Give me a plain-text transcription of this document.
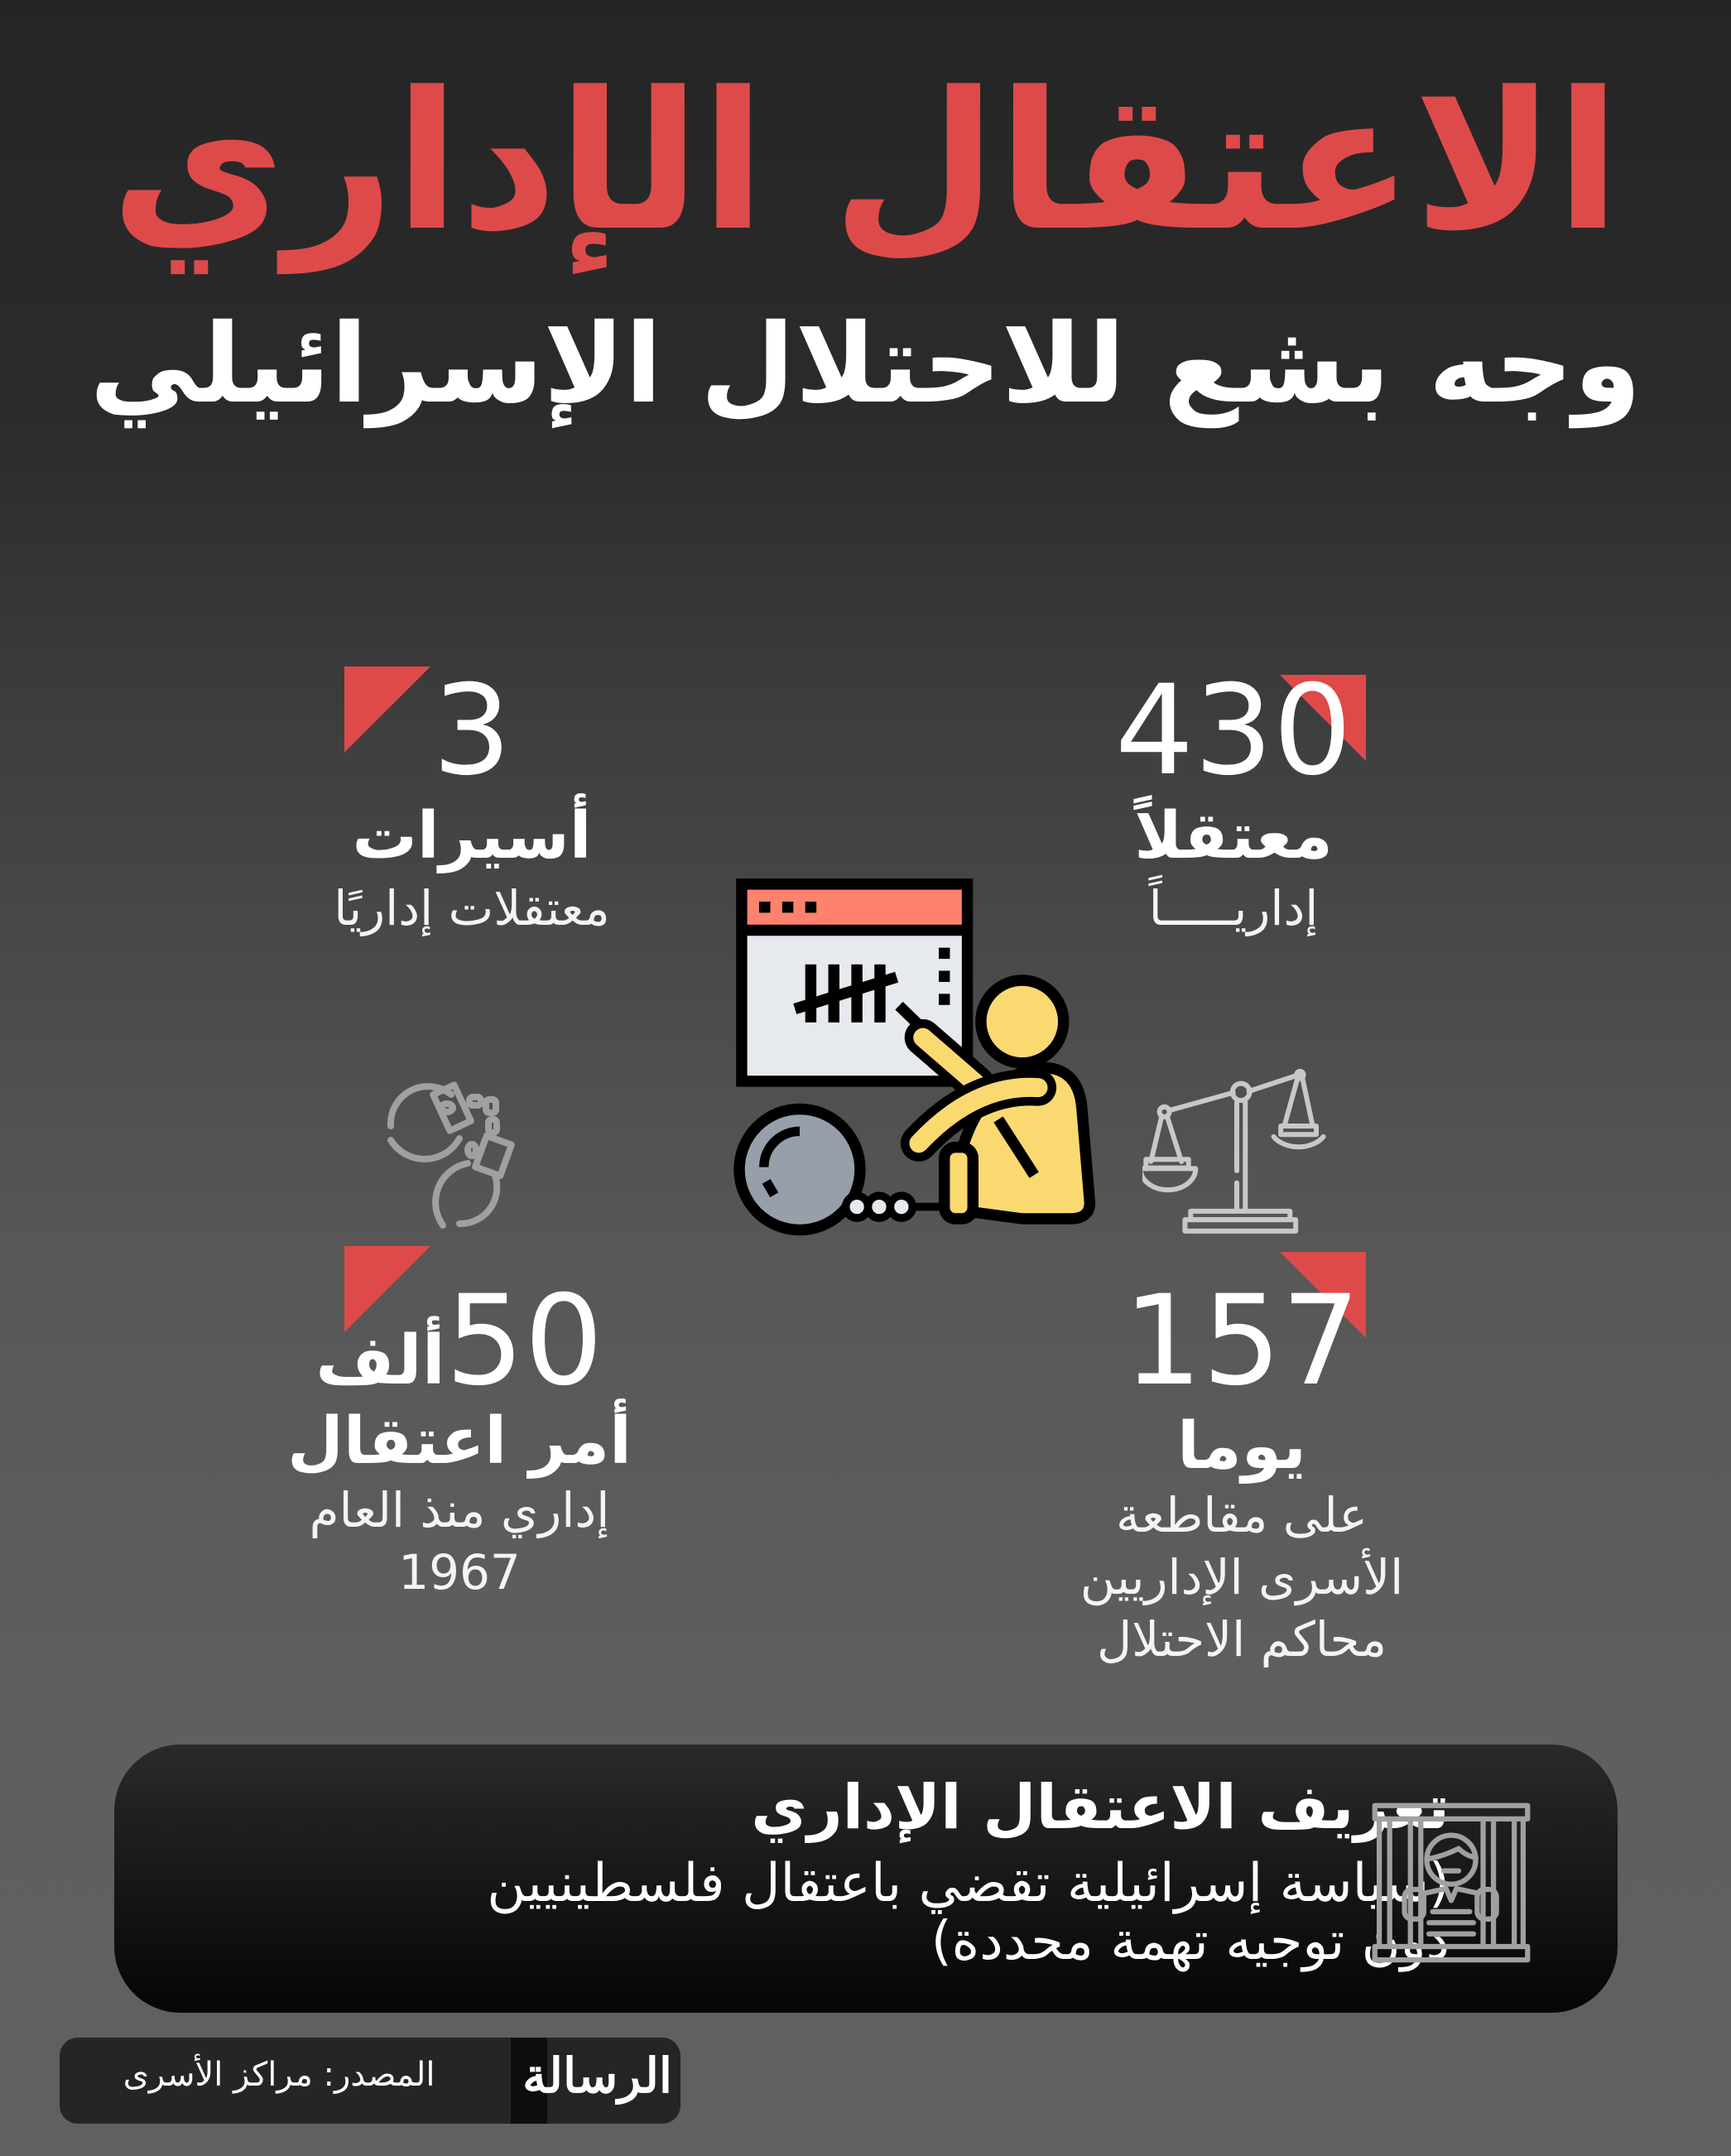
الاعتقال الإداري
وجه بشع للاحتلال الإسرائيلي
430
معتقلاً
إداريـــــاً
3
أسيرات
معتقلات إداريًا
ألف50
أمر اعتقال
إداري منذ العام
1967
157
يوما
على مقاطعة
الأسرى الإداريين
محاكم الاحتلال
تعريف الاعتقال الإداري
(سياسة إسرائيلية تقضي باعتقال فلسطينيين
دون توجيه تهمة محددة)
المصدر: مراكز الأسرى	الرسالة
